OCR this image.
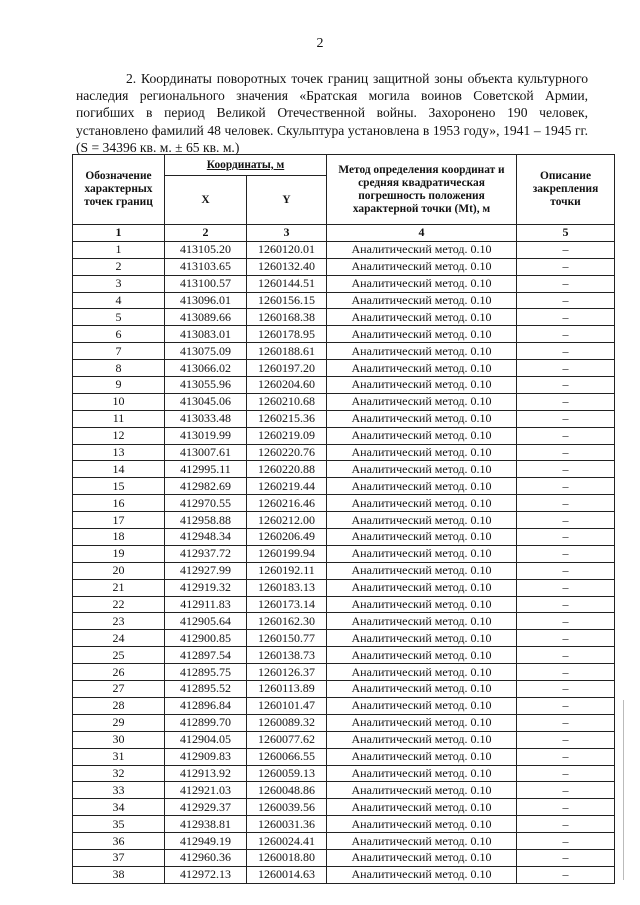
2
2. Координаты поворотных точек границ защитной зоны объекта культурного наследия регионального значения «Братская могила воинов Советской Армии, погибших в период Великой Отечественной войны. Захоронено 190 человек, установлено фамилий 48 человек. Скульптура установлена в 1953 году», 1941 – 1945 гг. (S = 34396 кв. м. ± 65 кв. м.)
Обозначение характерных точек границ	Координаты, м		Метод определения координат и средняя квадратическая погрешность положения характерной точки (Mt), м	Описание закрепления точки
	X	Y		
1	2	3	4	5
1	413105.20	1260120.01	Аналитический метод. 0.10	–
2	413103.65	1260132.40	Аналитический метод. 0.10	–
3	413100.57	1260144.51	Аналитический метод. 0.10	–
4	413096.01	1260156.15	Аналитический метод. 0.10	–
5	413089.66	1260168.38	Аналитический метод. 0.10	–
6	413083.01	1260178.95	Аналитический метод. 0.10	–
7	413075.09	1260188.61	Аналитический метод. 0.10	–
8	413066.02	1260197.20	Аналитический метод. 0.10	–
9	413055.96	1260204.60	Аналитический метод. 0.10	–
10	413045.06	1260210.68	Аналитический метод. 0.10	–
11	413033.48	1260215.36	Аналитический метод. 0.10	–
12	413019.99	1260219.09	Аналитический метод. 0.10	–
13	413007.61	1260220.76	Аналитический метод. 0.10	–
14	412995.11	1260220.88	Аналитический метод. 0.10	–
15	412982.69	1260219.44	Аналитический метод. 0.10	–
16	412970.55	1260216.46	Аналитический метод. 0.10	–
17	412958.88	1260212.00	Аналитический метод. 0.10	–
18	412948.34	1260206.49	Аналитический метод. 0.10	–
19	412937.72	1260199.94	Аналитический метод. 0.10	–
20	412927.99	1260192.11	Аналитический метод. 0.10	–
21	412919.32	1260183.13	Аналитический метод. 0.10	–
22	412911.83	1260173.14	Аналитический метод. 0.10	–
23	412905.64	1260162.30	Аналитический метод. 0.10	–
24	412900.85	1260150.77	Аналитический метод. 0.10	–
25	412897.54	1260138.73	Аналитический метод. 0.10	–
26	412895.75	1260126.37	Аналитический метод. 0.10	–
27	412895.52	1260113.89	Аналитический метод. 0.10	–
28	412896.84	1260101.47	Аналитический метод. 0.10	–
29	412899.70	1260089.32	Аналитический метод. 0.10	–
30	412904.05	1260077.62	Аналитический метод. 0.10	–
31	412909.83	1260066.55	Аналитический метод. 0.10	–
32	412913.92	1260059.13	Аналитический метод. 0.10	–
33	412921.03	1260048.86	Аналитический метод. 0.10	–
34	412929.37	1260039.56	Аналитический метод. 0.10	–
35	412938.81	1260031.36	Аналитический метод. 0.10	–
36	412949.19	1260024.41	Аналитический метод. 0.10	–
37	412960.36	1260018.80	Аналитический метод. 0.10	–
38	412972.13	1260014.63	Аналитический метод. 0.10	–
